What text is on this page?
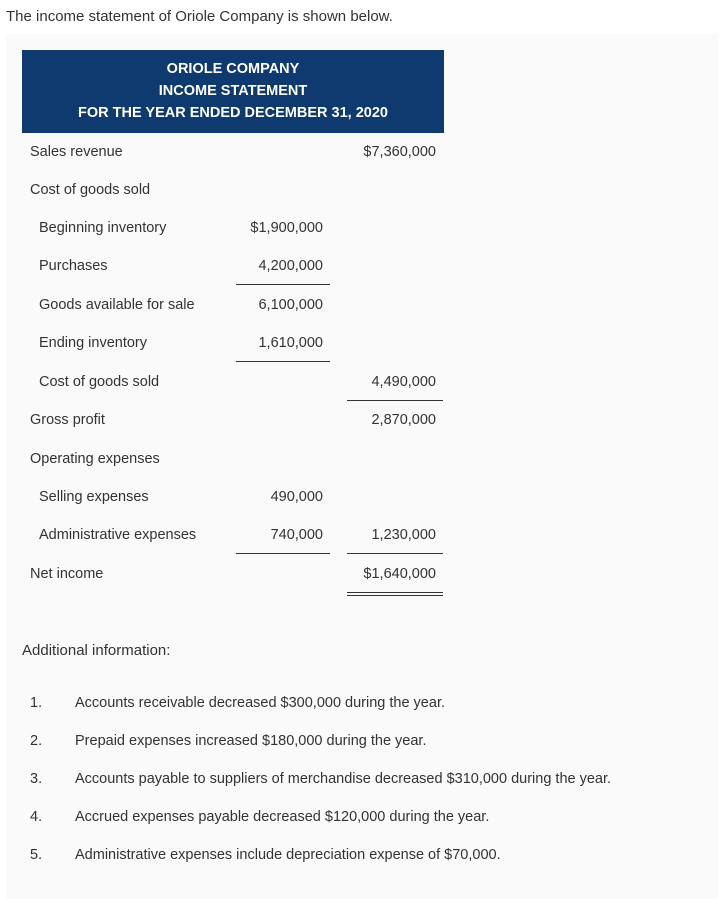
The income statement of Oriole Company is shown below.
ORIOLE COMPANY
INCOME STATEMENT
FOR THE YEAR ENDED DECEMBER 31, 2020
Sales revenue	$7,360,000
Cost of goods sold
Beginning inventory	$1,900,000
Purchases	4,200,000
Goods available for sale	6,100,000
Ending inventory	1,610,000
Cost of goods sold	4,490,000
Gross profit	2,870,000
Operating expenses
Selling expenses	490,000
Administrative expenses	740,000	1,230,000
Net income	$1,640,000
Additional information:
1. Accounts receivable decreased $300,000 during the year.
2. Prepaid expenses increased $180,000 during the year.
3. Accounts payable to suppliers of merchandise decreased $310,000 during the year.
4. Accrued expenses payable decreased $120,000 during the year.
5. Administrative expenses include depreciation expense of $70,000.
